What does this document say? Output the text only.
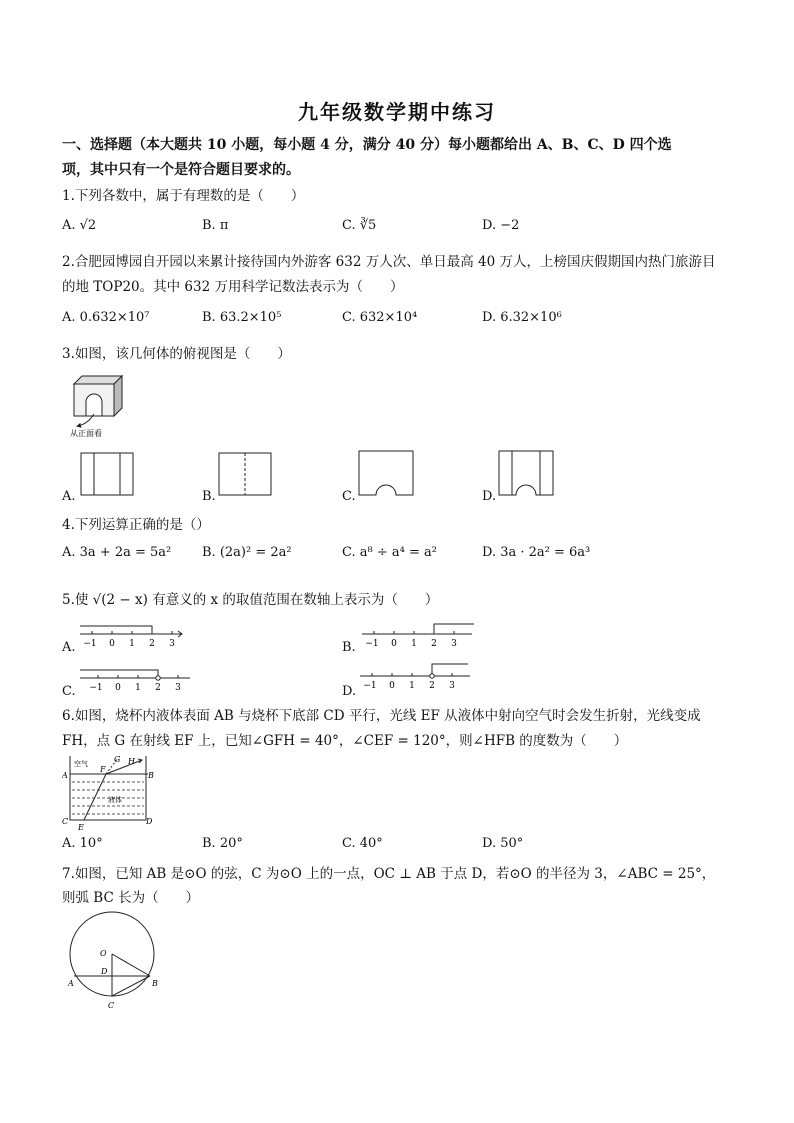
九年级数学期中练习
一、选择题（本大题共 10 小题，每小题 4 分，满分 40 分）每小题都给出 A、B、C、D 四个选
项，其中只有一个是符合题目要求的。
1.下列各数中，属于有理数的是（　　）
A. √2	B. π	C. ∛5	D. −2
2.合肥园博园自开园以来累计接待国内外游客 632 万人次、单日最高 40 万人，上榜国庆假期国内热门旅游目
的地 TOP20。其中 632 万用科学记数法表示为（　　）
A. 0.632×10⁷	B. 63.2×10⁵	C. 632×10⁴	D. 6.32×10⁶
3.如图，该几何体的俯视图是（　　）
从正面看
A.	B.	C.	D.
4.下列运算正确的是（）
A. 3a + 2a = 5a² B. (2a)² = 2a²	C. a⁸ ÷ a⁴ = a²	D. 3a · 2a² = 6a³
5.使 √(2 − x) 有意义的 x 的取值范围在数轴上表示为（　　）
A. −1 0 1 2 3	B. −1 0 1 2 3
C. −1 0 1 2 3	D. −1 0 1 2 3
6.如图，烧杯内液体表面 AB 与烧杯下底部 CD 平行，光线 EF 从液体中射向空气时会发生折射，光线变成
FH，点 G 在射线 EF 上，已知∠GFH = 40°，∠CEF = 120°，则∠HFB 的度数为（　　）
A	B
C	D
E
F
G H
空气
液体
A. 10°	B. 20°	C. 40°	D. 50°
7.如图，已知 AB 是⊙O 的弦，C 为⊙O 上的一点，OC ⊥ AB 于点 D，若⊙O 的半径为 3，∠ABC = 25°，
则弧 BC 长为（　　）
O
D
A	B
C
